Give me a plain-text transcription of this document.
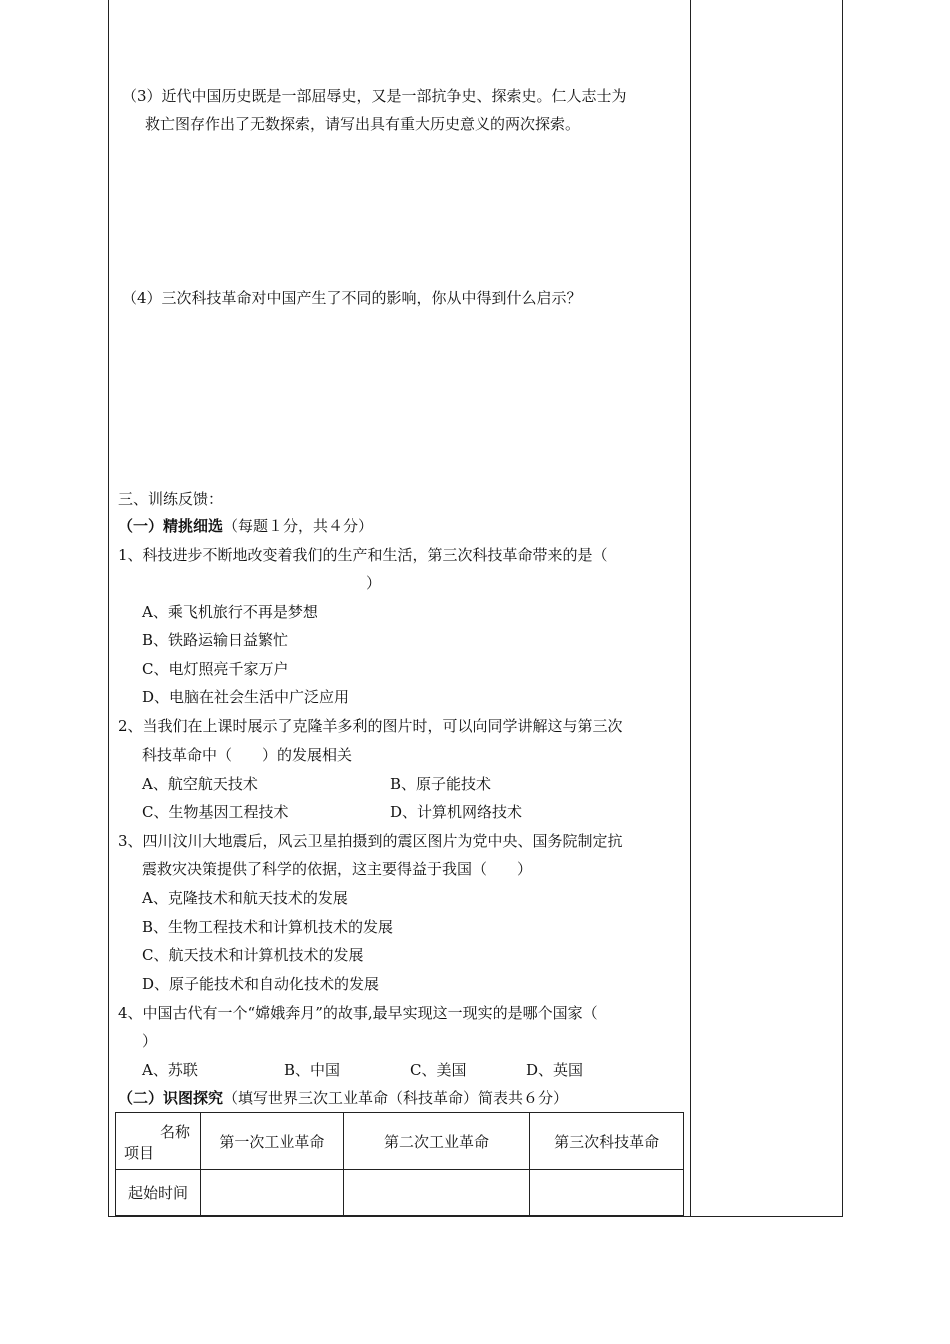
（3）近代中国历史既是一部屈辱史，又是一部抗争史、探索史。仁人志士为
救亡图存作出了无数探索，请写出具有重大历史意义的两次探索。
（4）三次科技革命对中国产生了不同的影响，你从中得到什么启示？
三、训练反馈：
（一）精挑细选（每题１分，共４分）
1、科技进步不断地改变着我们的生产和生活，第三次科技革命带来的是（
）
A、乘飞机旅行不再是梦想
B、铁路运输日益繁忙
C、电灯照亮千家万户
D、电脑在社会生活中广泛应用
2、当我们在上课时展示了克隆羊多利的图片时，可以向同学讲解这与第三次
科技革命中（　　）的发展相关
A、航空航天技术	B、原子能技术
C、生物基因工程技术	D、计算机网络技术
3、四川汶川大地震后，风云卫星拍摄到的震区图片为党中央、国务院制定抗
震救灾决策提供了科学的依据，这主要得益于我国（　　）
A、克隆技术和航天技术的发展
B、生物工程技术和计算机技术的发展
C、航天技术和计算机技术的发展
D、原子能技术和自动化技术的发展
4、中国古代有一个“嫦娥奔月”的故事,最早实现这一现实的是哪个国家（
）
A、苏联	B、中国	C、美国	D、英国
（二）识图探究（填写世界三次工业革命（科技革命）简表共６分）
名称
项目	第一次工业革命	第二次工业革命	第三次科技革命
起始时间			
